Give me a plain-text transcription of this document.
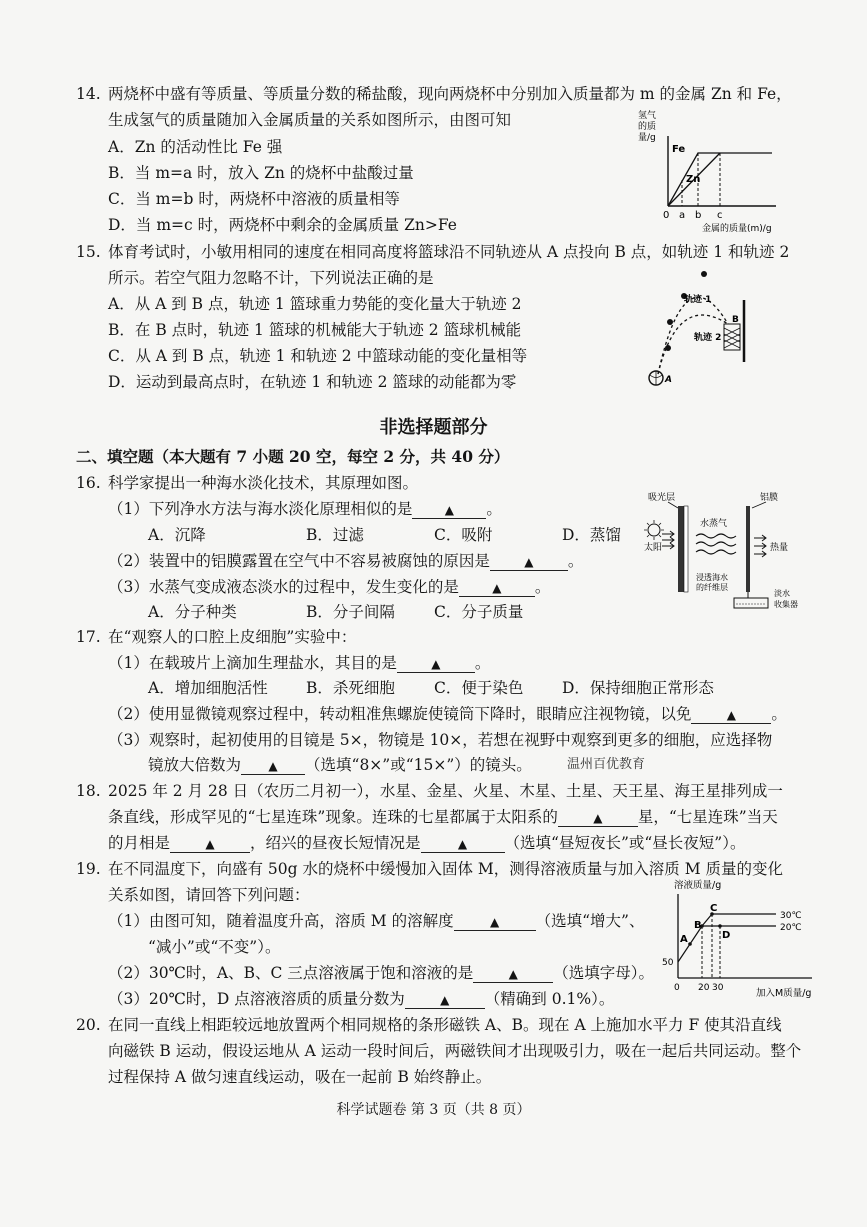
14. 两烧杯中盛有等质量、等质量分数的稀盐酸，现向两烧杯中分别加入质量都为 m 的金属 Zn 和 Fe，
生成氢气的质量随加入金属质量的关系如图所示，由图可知
A．Zn 的活动性比 Fe 强
B．当 m=a 时，放入 Zn 的烧杯中盐酸过量
C．当 m=b 时，两烧杯中溶液的质量相等
D．当 m=c 时，两烧杯中剩余的金属质量 Zn>Fe
氢气
的质
量/g
Fe
Zn
0 a b c
金属的质量(m)/g
15. 体育考试时，小敏用相同的速度在相同高度将篮球沿不同轨迹从 A 点投向 B 点，如轨迹 1 和轨迹 2
所示。若空气阻力忽略不计，下列说法正确的是
A．从 A 到 B 点，轨迹 1 篮球重力势能的变化量大于轨迹 2
B．在 B 点时，轨迹 1 篮球的机械能大于轨迹 2 篮球机械能
C．从 A 到 B 点，轨迹 1 和轨迹 2 中篮球动能的变化量相等
D．运动到最高点时，在轨迹 1 和轨迹 2 篮球的动能都为零
轨迹 1
轨迹 2
B
A
非选择题部分
二、填空题（本大题有 7 小题 20 空，每空 2 分，共 40 分）
16. 科学家提出一种海水淡化技术，其原理如图。
（1）下列净水方法与海水淡化原理相似的是	▲ 。
A．沉降	B．过滤	C．吸附	D．蒸馏
（2）装置中的铝膜露置在空气中不容易被腐蚀的原因是	▲ 。
（3）水蒸气变成液态淡水的过程中，发生变化的是	▲ 。
A．分子种类	B．分子间隔	C．分子质量
吸光层	铝膜
太阳
水蒸气
热量
浸透海水
的纤维层
淡水
收集器
17. 在“观察人的口腔上皮细胞”实验中：
（1）在载玻片上滴加生理盐水，其目的是	▲ 。
A．增加细胞活性 B．杀死细胞	C．便于染色 D．保持细胞正常形态
（2）使用显微镜观察过程中，转动粗准焦螺旋使镜筒下降时，眼睛应注视物镜，以免	▲ 。
（3）观察时，起初使用的目镜是 5×，物镜是 10×，若想在视野中观察到更多的细胞，应选择物
镜放大倍数为 ▲ （选填“8×”或“15×”）的镜头。	温州百优教育
18. 2025 年 2 月 28 日（农历二月初一），水星、金星、火星、木星、土星、天王星、海王星排列成一
条直线，形成罕见的“七星连珠”现象。连珠的七星都属于太阳系的	▲ 星，“七星连珠”当天
的月相是	▲ ，绍兴的昼夜长短情况是	▲ （选填“昼短夜长”或“昼长夜短”）。
19. 在不同温度下，向盛有 50g 水的烧杯中缓慢加入固体 M，测得溶液质量与加入溶质 M 质量的变化
关系如图，请回答下列问题：
（1）由图可知，随着温度升高，溶质 M 的溶解度	▲ （选填“增大”、
“减小”或“不变”）。
（2）30℃时，A、B、C 三点溶液属于饱和溶液的是	▲ （选填字母）。
（3）20℃时，D 点溶液溶质的质量分数为	▲ （精确到 0.1%）。
溶液质量/g
A
B
C
D
30℃
20℃
50
0 20 30	加入M质量/g
20. 在同一直线上相距较远地放置两个相同规格的条形磁铁 A、B。现在 A 上施加水平力 F 使其沿直线
向磁铁 B 运动，假设运地从 A 运动一段时间后，两磁铁间才出现吸引力，吸在一起后共同运动。整个
过程保持 A 做匀速直线运动，吸在一起前 B 始终静止。
科学试题卷 第 3 页（共 8 页）
